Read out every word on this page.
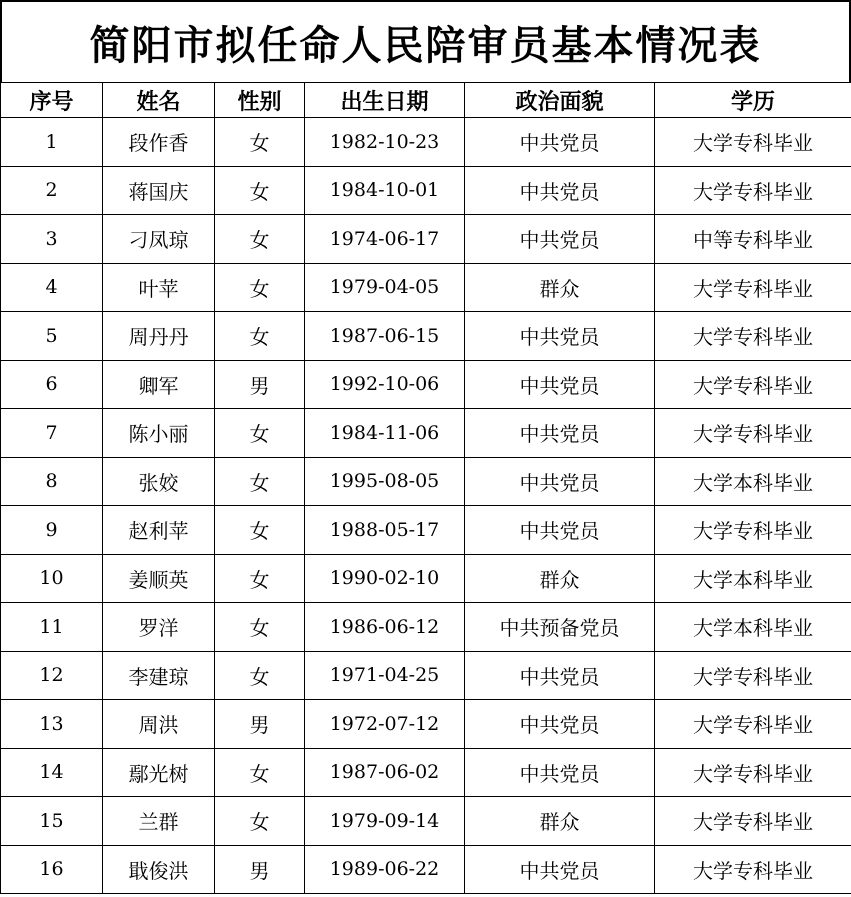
简阳市拟任命人民陪审员基本情况表
序号	姓名	性别	出生日期	政治面貌	学历
1	段作香	女	1982-10-23	中共党员	大学专科毕业
2	蒋国庆	女	1984-10-01	中共党员	大学专科毕业
3	刁凤琼	女	1974-06-17	中共党员	中等专科毕业
4	叶苹	女	1979-04-05	群众	大学专科毕业
5	周丹丹	女	1987-06-15	中共党员	大学专科毕业
6	卿军	男	1992-10-06	中共党员	大学专科毕业
7	陈小丽	女	1984-11-06	中共党员	大学专科毕业
8	张姣	女	1995-08-05	中共党员	大学本科毕业
9	赵利苹	女	1988-05-17	中共党员	大学专科毕业
10	姜顺英	女	1990-02-10	群众	大学本科毕业
11	罗洋	女	1986-06-12	中共预备党员	大学本科毕业
12	李建琼	女	1971-04-25	中共党员	大学专科毕业
13	周洪	男	1972-07-12	中共党员	大学专科毕业
14	鄢光树	女	1987-06-02	中共党员	大学专科毕业
15	兰群	女	1979-09-14	群众	大学专科毕业
16	戢俊洪	男	1989-06-22	中共党员	大学专科毕业
